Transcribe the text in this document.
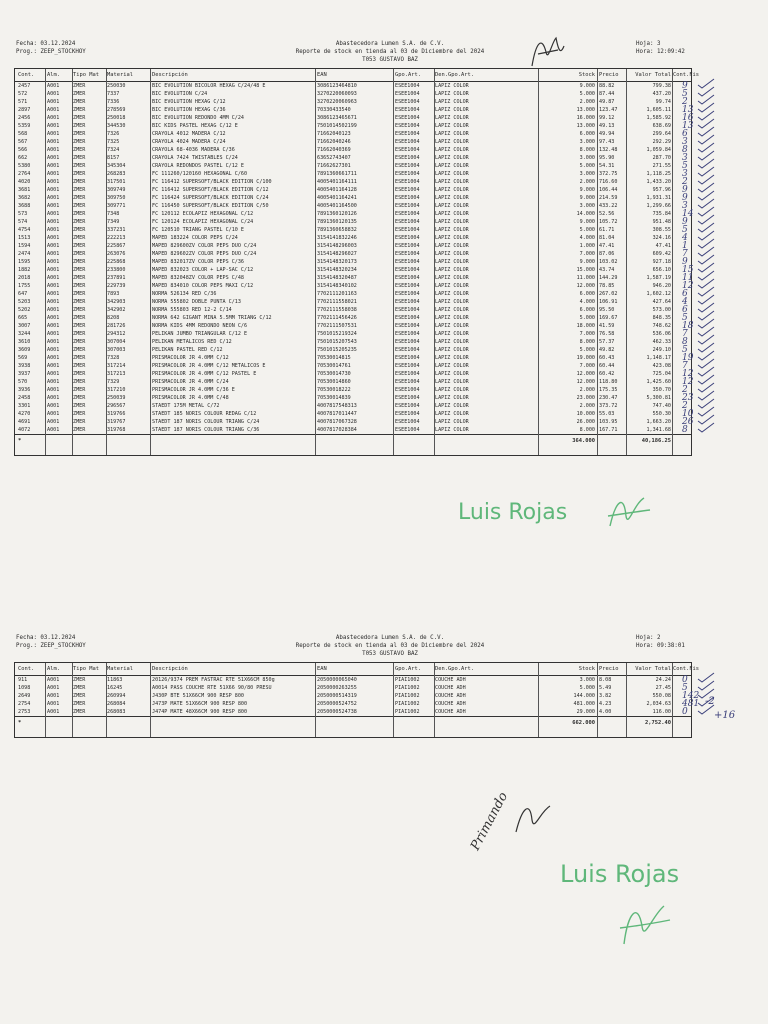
Fecha: 03.12.2024
Prog.: ZEEP_STOCKHOY
Abastecedora Lumen S.A. de C.V.
Reporte de stock en tienda al 03 de Diciembre del 2024
T053 GUSTAVO BAZ
Hoja: 3
Hora: 12:09:42
Cont.	Alm.	Tipo Mat	Material	Descripción	EAN	Gpo.Art.	Den.Gpo.Art.	Stock Precio	Valor Total Cont.Fis
2457	A001	ZMER	250030	BIC EVOLUTION BICOLOR HEXAG C/24/48 E	3086123464810	ESEE1004	LAPIZ COLOR	9.000 88.82	799.38
572	A001	ZMER	7337	BIC EVOLUTION C/24	3270220060093	ESEE1004	LAPIZ COLOR	5.000 87.44	437.20
571	A001	ZMER	7336	BIC EVOLUTION HEXAG C/12	3270220060963	ESEE1004	LAPIZ COLOR	2.000 49.87	99.74
2897	A001	ZMER	278569	BIC EVOLUTION HEXAG C/36	70330433540	ESEE1004	LAPIZ COLOR	13.000 123.47	1,605.11
2456	A001	ZMER	250018	BIC EVOLUTION REDONDO 4MM C/24	3086123465671	ESEE1004	LAPIZ COLOR	16.000 99.12	1,585.92
5359	A001	ZMER	344530	BIC KIDS PASTEL HEXAG C/12 E	7501014502199	ESEE1004	LAPIZ COLOR	13.000 49.13	638.69
568	A001	ZMER	7326	CRAYOLA 4012 MADERA C/12	71662040123	ESEE1004	LAPIZ COLOR	6.000 49.94	299.64
567	A001	ZMER	7325	CRAYOLA 4024 MADERA C/24	71662040246	ESEE1004	LAPIZ COLOR	3.000 97.43	292.29
566	A001	ZMER	7324	CRAYOLA 68-4036 MADERA C/36	71662040369	ESEE1004	LAPIZ COLOR	8.000 132.48	1,059.84
662	A001	ZMER	8157	CRAYOLA 7424 TWISTABLES C/24	63652743407	ESEE1004	LAPIZ COLOR	3.000 95.90	287.70
5380	A001	ZMER	345304	CRAYOLA REDONDOS PASTEL C/12 E	71662627301	ESEE1004	LAPIZ COLOR	5.000 54.31	271.55
2764	A001	ZMER	268283	FC 111260/120160 HEXAGONAL C/60	7891360661711	ESEE1004	LAPIZ COLOR	3.000 372.75	1,118.25
4020	A001	ZMER	317501	FC 116412 SUPERSOFT/BLACK EDITION C/100	4005401164111	ESEE1004	LAPIZ COLOR	2.000 716.60	1,433.20
3681	A001	ZMER	309749	FC 116412 SUPERSOFT/BLACK EDITION C/12	4005401164128	ESEE1004	LAPIZ COLOR	9.000 106.44	957.96
3682	A001	ZMER	309750	FC 116424 SUPERSOFT/BLACK EDITION C/24	4005401164241	ESEE1004	LAPIZ COLOR	9.000 214.59	1,931.31
3688	A001	ZMER	309771	FC 116450 SUPERSOFT/BLACK EDITION C/50	4005401164500	ESEE1004	LAPIZ COLOR	3.000 433.22	1,299.66
573	A001	ZMER	7348	FC 120112 ECOLAPIZ HEXAGONAL C/12	7891360120126	ESEE1004	LAPIZ COLOR	14.000 52.56	735.84
574	A001	ZMER	7349	FC 120124 ECOLAPIZ HEXAGONAL C/24	7891360120135	ESEE1004	LAPIZ COLOR	9.000 105.72	951.48
4754	A001	ZMER	337231	FC 120510 TRIANG PASTEL C/10 E	7891360658832	ESEE1004	LAPIZ COLOR	5.000 61.71	308.55
1513	A001	ZMER	222213	MAPED 183224 COLOR PEPS C/24	3154141832246	ESEE1004	LAPIZ COLOR	4.000 81.04	324.16
1594	A001	ZMER	225867	MAPED 829600ZV COLOR PEPS DUO C/24	3154148296003	ESEE1004	LAPIZ COLOR	1.000 47.41	47.41
2474	A001	ZMER	263076	MAPED 829602ZV COLOR PEPS DUO C/24	3154148296027	ESEE1004	LAPIZ COLOR	7.000 87.06	609.42
1595	A001	ZMER	225868	MAPED 832017ZV COLOR PEPS C/36	3154148320173	ESEE1004	LAPIZ COLOR	9.000 103.02	927.18
1882	A001	ZMER	233800	MAPED 832023 COLOR + LAP-SAC C/12	3154148320234	ESEE1004	LAPIZ COLOR	15.000 43.74	656.10
2018	A001	ZMER	237891	MAPED 832048ZV COLOR PEPS C/48	3154148320487	ESEE1004	LAPIZ COLOR	11.000 144.29	1,587.19
1755	A001	ZMER	229739	MAPED 834010 COLOR PEPS MAXI C/12	3154148340102	ESEE1004	LAPIZ COLOR	12.000 78.85	946.20
647	A001	ZMER	7893	NORMA 526134 RED C/36	7702111201163	ESEE1004	LAPIZ COLOR	6.000 267.02	1,602.12
5203	A001	ZMER	342903	NORMA 555802 DOBLE PUNTA C/13	7702111558021	ESEE1004	LAPIZ COLOR	4.000 106.91	427.64
5202	A001	ZMER	342902	NORMA 555803 RED 12-2 C/14	7702111558038	ESEE1004	LAPIZ COLOR	6.000 95.50	573.00
665	A001	ZMER	8208	NORMA 642 GIGANT MINA 5.5MM TRIANG C/12	7702111456426	ESEE1004	LAPIZ COLOR	5.000 169.67	848.35
3007	A001	ZMER	281726	NORMA KIDS 4MM REDONDO NEON C/6	7702111507531	ESEE1004	LAPIZ COLOR	18.000 41.59	748.62
3244	A001	ZMER	294312	PELIKAN JUMBO TRIANGULAR C/12 E	7501015219324	ESEE1004	LAPIZ COLOR	7.000 76.58	536.06
3610	A001	ZMER	307004	PELIKAN METALICOS RED C/12	7501015207543	ESEE1004	LAPIZ COLOR	8.000 57.37	462.33
3609	A001	ZMER	307003	PELIKAN PASTEL RED C/12	7501015205235	ESEE1004	LAPIZ COLOR	5.000 49.82	249.10
569	A001	ZMER	7328	PRISMACOLOR JR 4.0MM C/12	70530014815	ESEE1004	LAPIZ COLOR	19.000 60.43	1,148.17
3938	A001	ZMER	317214	PRISMACOLOR JR 4.0MM C/12 METALICOS E	70530014761	ESEE1004	LAPIZ COLOR	7.000 60.44	423.08
3937	A001	ZMER	317213	PRISMACOLOR JR 4.0MM C/12 PASTEL E	70530014730	ESEE1004	LAPIZ COLOR	12.000 60.42	725.04
570	A001	ZMER	7329	PRISMACOLOR JR 4.0MM C/24	70530014860	ESEE1004	LAPIZ COLOR	12.000 118.80	1,425.60
3936	A001	ZMER	317210	PRISMACOLOR JR 4.0MM C/36 E	70530018222	ESEE1004	LAPIZ COLOR	2.000 175.35	350.70
2458	A001	ZMER	250039	PRISMACOLOR JR 4.0MM C/48	70530014839	ESEE1004	LAPIZ COLOR	23.000 230.47	5,300.81
3301	A001	ZMER	296567	STAEDT 175M METAL C/72	4007817548313	ESEE1004	LAPIZ COLOR	2.000 373.72	747.40
4270	A001	ZMER	319766	STAEDT 185 NORIS COLOUR REDAG C/12	4007817011447	ESEE1004	LAPIZ COLOR	10.000 55.03	550.30
4691	A001	ZMER	319767	STAEDT 187 NORIS COLOUR TRIANG C/24	4007817067328	ESEE1004	LAPIZ COLOR	26.000 103.95	1,663.20
4072	A001	ZMER	319768	STAEDT 187 NORIS COLOUR TRIANG C/36	4007817028384	ESEE1004	LAPIZ COLOR	8.000 167.71	1,341.68
*	364.000	40,186.25
9
5
2
13
16
13
6
3
8
3
5
3
2
9
9
3
14
9
5
4
1
7
9
15
11
12
6
4
6
5
18
7
8
5
19
7
12
12
2
23
2
10
26
8
Luis Rojas
Fecha: 03.12.2024
Prog.: ZEEP_STOCKHOY
Abastecedora Lumen S.A. de C.V.
Reporte de stock en tienda al 03 de Diciembre del 2024
T053 GUSTAVO BAZ
Hoja: 2
Hora: 09:38:01
Cont.	Alm.	Tipo Mat	Material	Descripción	EAN	Gpo.Art.	Den.Gpo.Art.	Stock Precio	Valor Total Cont.Fis
911	A001	ZMER	11863	20126/9374 PREM FASTRAC RTE 51X66CM 850g	2050000065040	PIAI1002	COUCHE ADH	3.000 8.08	24.24
1098	A001	ZMER	16245	A0014 PASS COUCHE RTE 51X66 90/80 PRESU	2050000263255	PIAI1002	COUCHE ADH	5.000 5.49	27.45
2649	A001	ZMER	260994	J430P BTE 51X66CM 900 RESP 800	2050000514319	PIAI1002	COUCHE ADH	144.000 3.82	550.08
2754	A001	ZMER	268084	J473P MATE 51X66CM 900 RESP 800	2050000524752	PIAI1002	COUCHE ADH	481.000 4.23	2,034.63
2753	A001	ZMER	268083	J474P MATE 48X66CM 900 RESP 800	2050000524738	PIAI1002	COUCHE ADH	29.000 4.00	116.00
*	662.000	2,752.40
0
5
142
481
0
-2
+16
Primando
Luis Rojas
